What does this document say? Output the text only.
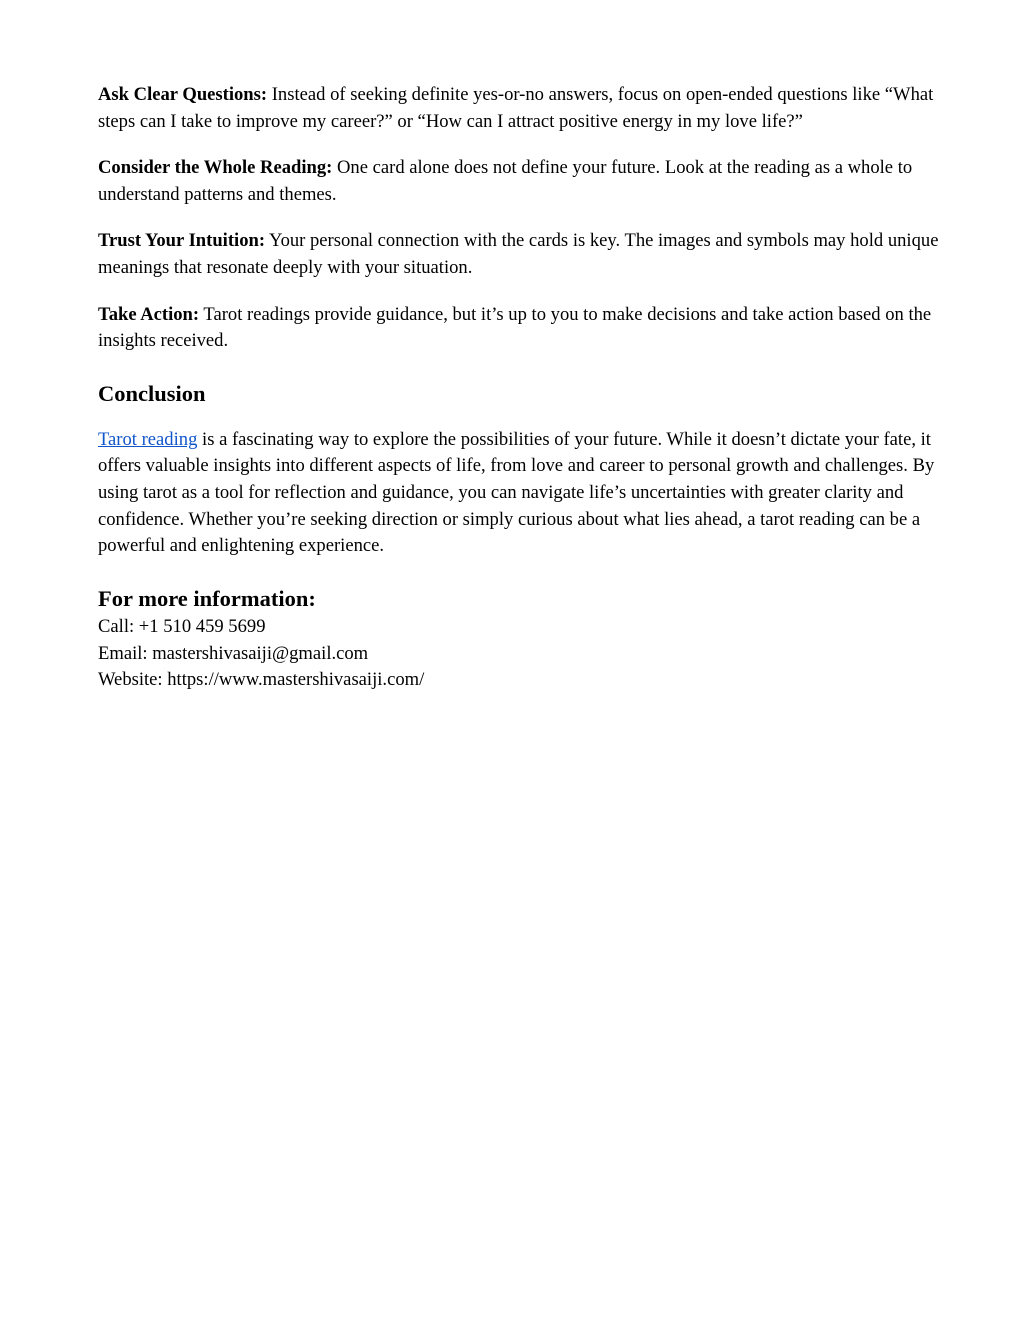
Ask Clear Questions: Instead of seeking definite yes-or-no answers, focus on open-ended questions like “What steps can I take to improve my career?” or “How can I attract positive energy in my love life?”

Consider the Whole Reading: One card alone does not define your future. Look at the reading as a whole to understand patterns and themes.

Trust Your Intuition: Your personal connection with the cards is key. The images and symbols may hold unique meanings that resonate deeply with your situation.

Take Action: Tarot readings provide guidance, but it’s up to you to make decisions and take action based on the insights received.

Conclusion

Tarot reading is a fascinating way to explore the possibilities of your future. While it doesn’t dictate your fate, it offers valuable insights into different aspects of life, from love and career to personal growth and challenges. By using tarot as a tool for reflection and guidance, you can navigate life’s uncertainties with greater clarity and confidence. Whether you’re seeking direction or simply curious about what lies ahead, a tarot reading can be a powerful and enlightening experience.

For more information:

Call: +1 510 459 5699

Email: mastershivasaiji@gmail.com

Website: https://www.mastershivasaiji.com/
